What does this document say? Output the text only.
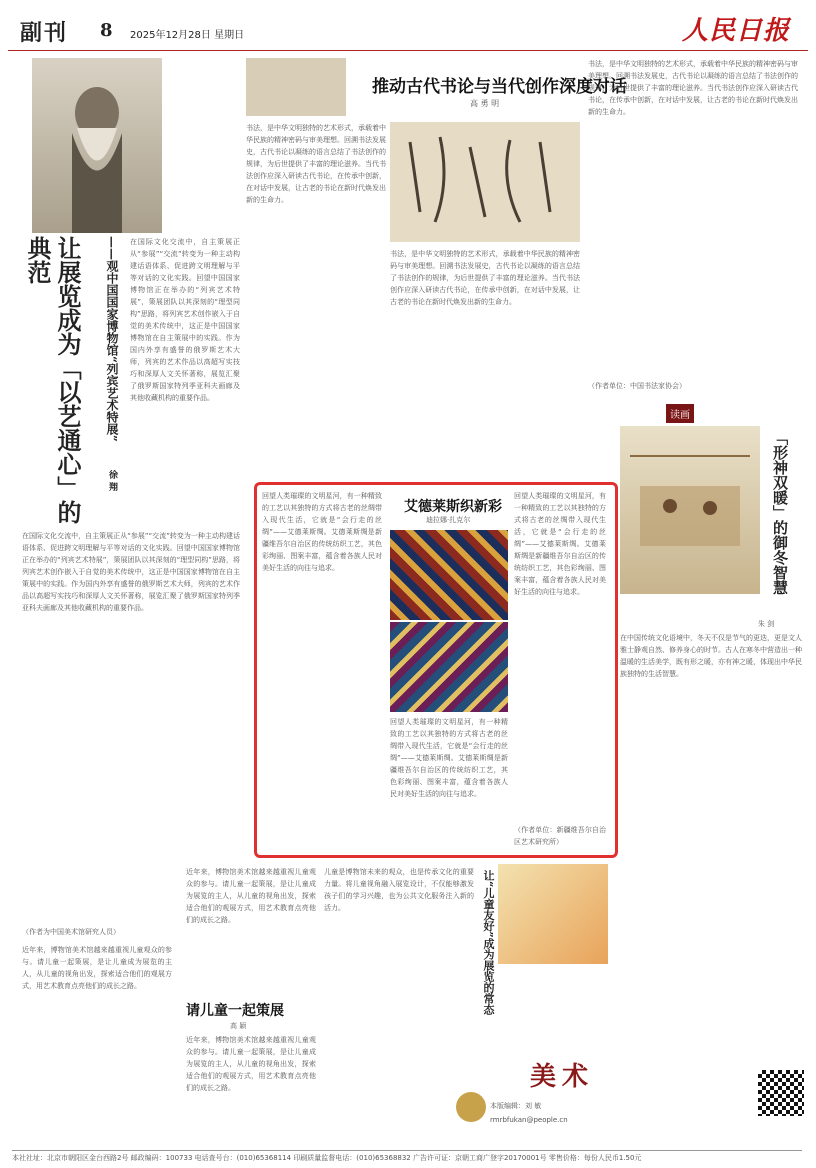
副刊 8 2025年12月28日 星期日	人民日报
让展览成为「以艺通心」的典范	——观中国国家博物馆“列宾艺术特展”
徐 翔
在国际文化交流中，自主策展正从“参展”“交流”转变为一种主动构建话语体系、促进跨文明理解与平等对话的文化实践。回望中国国家博物馆正在举办的“列宾艺术特展”，策展团队以其深刻的“理型同构”思路，将列宾艺术创作嵌入于自觉的美术传统中，这正是中国国家博物馆在自主策展中的实践。作为国内外享有盛誉的俄罗斯艺术大师，列宾的艺术作品以高超写实技巧和深厚人文关怀著称，展览汇聚了俄罗斯国家特列季亚科夫画廊及其他收藏机构的重要作品。
在国际文化交流中，自主策展正从“参展”“交流”转变为一种主动构建话语体系、促进跨文明理解与平等对话的文化实践。回望中国国家博物馆正在举办的“列宾艺术特展”，策展团队以其深刻的“理型同构”思路，将列宾艺术创作嵌入于自觉的美术传统中，这正是中国国家博物馆在自主策展中的实践。作为国内外享有盛誉的俄罗斯艺术大师，列宾的艺术作品以高超写实技巧和深厚人文关怀著称，展览汇聚了俄罗斯国家特列季亚科夫画廊及其他收藏机构的重要作品。
（作者为中国美术馆研究人员）
推动古代书论与当代创作深度对话
高 勇 明
书法，是中华文明独特的艺术形式，承载着中华民族的精神密码与审美理想。回溯书法发展史，古代书论以凝练的语言总结了书法创作的规律，为后世提供了丰富的理论滋养。当代书法创作应深入研读古代书论，在传承中创新，在对话中发展，让古老的书论在新时代焕发出新的生命力。
书法，是中华文明独特的艺术形式，承载着中华民族的精神密码与审美理想。回溯书法发展史，古代书论以凝练的语言总结了书法创作的规律，为后世提供了丰富的理论滋养。当代书法创作应深入研读古代书论，在传承中创新，在对话中发展，让古老的书论在新时代焕发出新的生命力。
书法，是中华文明独特的艺术形式，承载着中华民族的精神密码与审美理想。回溯书法发展史，古代书论以凝练的语言总结了书法创作的规律，为后世提供了丰富的理论滋养。当代书法创作应深入研读古代书论，在传承中创新，在对话中发展，让古老的书论在新时代焕发出新的生命力。
（作者单位：中国书法家协会）
回望人类璀璨的文明星河，有一种精致的工艺以其独特的方式将古老的丝绸带入现代生活，它就是“会行走的丝绸”——艾德莱斯绸。艾德莱斯绸是新疆维吾尔自治区的传统纺织工艺，其色彩绚丽、图案丰富，蕴含着各族人民对美好生活的向往与追求。
艾德莱斯织新彩
迪拉娜·扎克尔
回望人类璀璨的文明星河，有一种精致的工艺以其独特的方式将古老的丝绸带入现代生活，它就是“会行走的丝绸”——艾德莱斯绸。艾德莱斯绸是新疆维吾尔自治区的传统纺织工艺，其色彩绚丽、图案丰富，蕴含着各族人民对美好生活的向往与追求。
回望人类璀璨的文明星河，有一种精致的工艺以其独特的方式将古老的丝绸带入现代生活，它就是“会行走的丝绸”——艾德莱斯绸。艾德莱斯绸是新疆维吾尔自治区的传统纺织工艺，其色彩绚丽、图案丰富，蕴含着各族人民对美好生活的向往与追求。
（作者单位：新疆维吾尔自治区艺术研究所）
读画
「形神双暖」的御冬智慧
朱 剑
在中国传统文化语境中，冬天不仅是节气的更迭，更是文人雅士静观自然、修养身心的时节。古人在寒冬中营造出一种温暖的生活美学，既有形之暖，亦有神之暖，体现出中华民族独特的生活智慧。
近年来，博物馆美术馆越来越重视儿童观众的参与。请儿童一起策展，是让儿童成为展览的主人，从儿童的视角出发，探索适合他们的观展方式，用艺术教育点亮他们的成长之路。
请儿童一起策展
高 颖
近年来，博物馆美术馆越来越重视儿童观众的参与。请儿童一起策展，是让儿童成为展览的主人，从儿童的视角出发，探索适合他们的观展方式，用艺术教育点亮他们的成长之路。
近年来，博物馆美术馆越来越重视儿童观众的参与。请儿童一起策展，是让儿童成为展览的主人，从儿童的视角出发，探索适合他们的观展方式，用艺术教育点亮他们的成长之路。
儿童是博物馆未来的观众，也是传承文化的重要力量。将儿童视角融入展览设计，不仅能够激发孩子们的学习兴趣，也为公共文化服务注入新的活力。	让“儿童友好”成为展览的常态
美术
本版编辑：刘 敏
rmrbfukan@people.cn
本社社址：北京市朝阳区金台西路2号 邮政编码：100733 电话查号台：(010)65368114 印刷质量监督电话：(010)65368832 广告许可证：京朝工商广登字20170001号 零售价格：每份人民币1.50元
